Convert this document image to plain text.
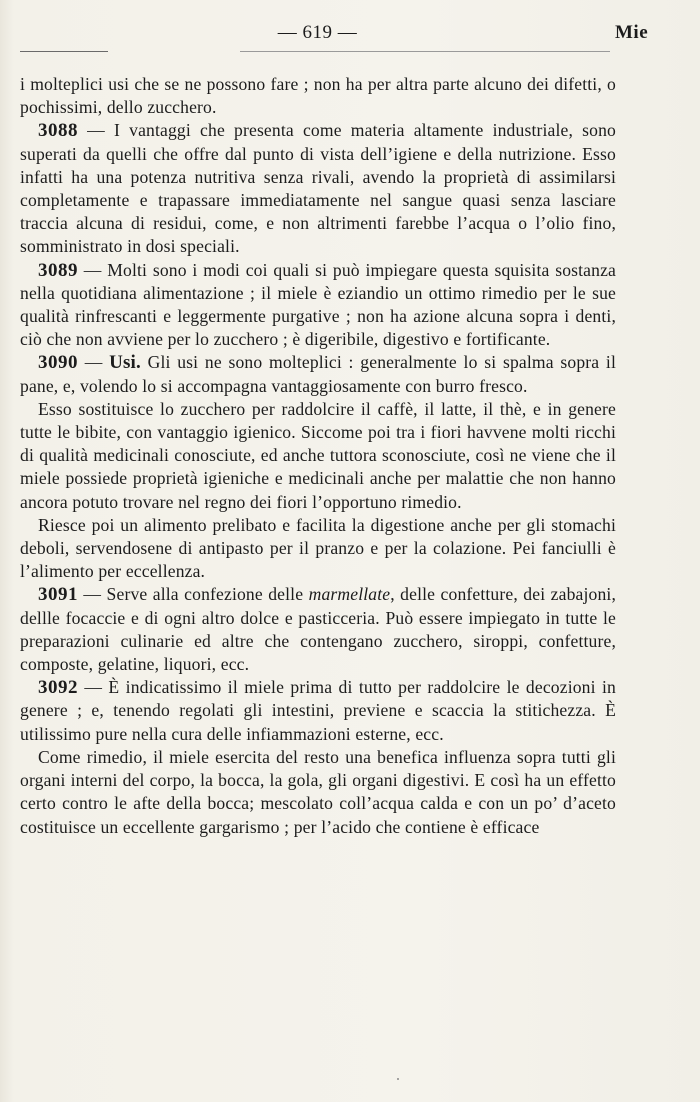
— 619 —	Mie

i molteplici usi che se ne possono fare ; non ha per altra parte alcuno dei difetti, o pochissimi, dello zucchero.

3088 — I vantaggi che presenta come materia altamente industriale, sono superati da quelli che offre dal punto di vista dell’igiene e della nutrizione. Esso infatti ha una potenza nutritiva senza rivali, avendo la proprietà di assimilarsi completamente e trapassare immediatamente nel sangue quasi senza lasciare traccia alcuna di residui, come, e non altrimenti farebbe l’acqua o l’olio fino, somministrato in dosi speciali.

3089 — Molti sono i modi coi quali si può impiegare questa squisita sostanza nella quotidiana alimentazione ; il miele è eziandio un ottimo rimedio per le sue qualità rinfrescanti e leggermente purgative ; non ha azione alcuna sopra i denti, ciò che non avviene per lo zucchero ; è digeribile, digestivo e fortificante.

3090 — Usi. Gli usi ne sono molteplici : generalmente lo si spalma sopra il pane, e, volendo lo si accompagna vantaggiosamente con burro fresco.

Esso sostituisce lo zucchero per raddolcire il caffè, il latte, il thè, e in genere tutte le bibite, con vantaggio igienico. Siccome poi tra i fiori havvene molti ricchi di qualità medicinali conosciute, ed anche tuttora sconosciute, così ne viene che il miele possiede proprietà igieniche e medicinali anche per malattie che non hanno ancora potuto trovare nel regno dei fiori l’opportuno rimedio.

Riesce poi un alimento prelibato e facilita la digestione anche per gli stomachi deboli, servendosene di antipasto per il pranzo e per la colazione. Pei fanciulli è l’alimento per eccellenza.

3091 — Serve alla confezione delle marmellate, delle confetture, dei zabajoni, dellle focaccie e di ogni altro dolce e pasticceria. Può essere impiegato in tutte le preparazioni culinarie ed altre che contengano zucchero, siroppi, confetture, composte, gelatine, liquori, ecc.

3092 — È indicatissimo il miele prima di tutto per raddolcire le decozioni in genere ; e, tenendo regolati gli intestini, previene e scaccia la stitichezza. È utilissimo pure nella cura delle infiammazioni esterne, ecc.

Come rimedio, il miele esercita del resto una benefica influenza sopra tutti gli organi interni del corpo, la bocca, la gola, gli organi digestivi. E così ha un effetto certo contro le afte della bocca; mescolato coll’acqua calda e con un po’ d’aceto costituisce un eccellente gargarismo ; per l’acido che contiene è efficace
